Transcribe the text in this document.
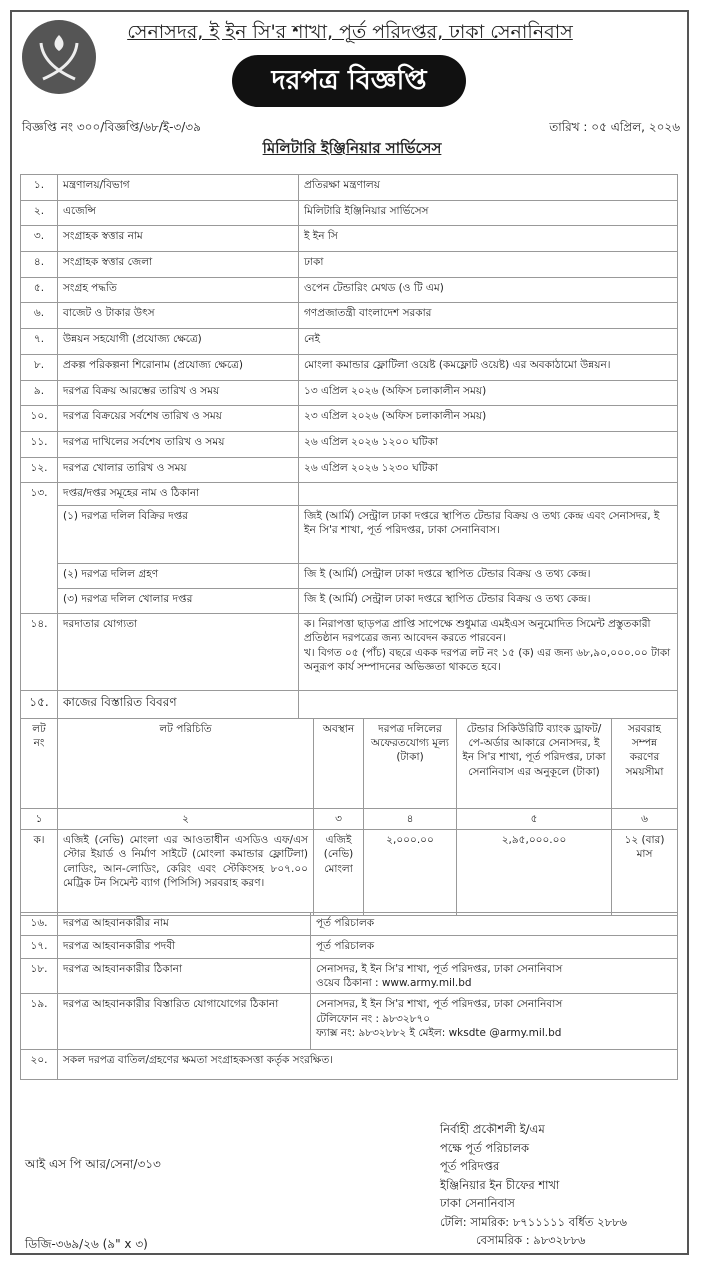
সেনাসদর, ই ইন সি'র শাখা, পূর্ত পরিদপ্তর, ঢাকা সেনানিবাস
দরপত্র বিজ্ঞপ্তি
বিজ্ঞপ্তি নং ৩০০/বিজ্ঞপ্তি/৬৮/ই-৩/৩৯	তারিখ : ০৫ এপ্রিল, ২০২৬
মিলিটারি ইঞ্জিনিয়ার সার্ভিসেস
১.	মন্ত্রণালয়/বিভাগ	প্রতিরক্ষা মন্ত্রণালয়
২.	এজেন্সি	মিলিটারি ইঞ্জিনিয়ার সার্ভিসেস
৩.	সংগ্রাহক স্বত্তার নাম	ই ইন সি
৪.	সংগ্রাহক স্বত্তার জেলা	ঢাকা
৫.	সংগ্রহ পদ্ধতি	ওপেন টেন্ডারিং মেথড (ও টি এম)
৬.	বাজেট ও টাকার উৎস	গণপ্রজাতন্ত্রী বাংলাদেশ সরকার
৭.	উন্নয়ন সহযোগী (প্রযোজ্য ক্ষেত্রে)	নেই
৮.	প্রকল্প পরিকল্পনা শিরোনাম (প্রযোজ্য ক্ষেত্রে)	মোংলা কমান্ডার ফ্লোটিলা ওয়েষ্ট (কমফ্লোট ওয়েষ্ট) এর অবকাঠামো উন্নয়ন।
৯.	দরপত্র বিক্রয় আরম্ভের তারিখ ও সময়	১৩ এপ্রিল ২০২৬ (অফিস চলাকালীন সময়)
১০.	দরপত্র বিক্রয়ের সর্বশেষ তারিখ ও সময়	২৩ এপ্রিল ২০২৬ (অফিস চলাকালীন সময়)
১১.	দরপত্র দাখিলের সর্বশেষ তারিখ ও সময়	২৬ এপ্রিল ২০২৬ ১২০০ ঘটিকা
১২.	দরপত্র খোলার তারিখ ও সময়	২৬ এপ্রিল ২০২৬ ১২৩০ ঘটিকা
১৩.	দপ্তর/দপ্তর সমূহের নাম ও ঠিকানা	
	(১) দরপত্র দলিল বিক্রির দপ্তর	জিই (আর্মি) সেন্ট্রাল ঢাকা দপ্তরে স্থাপিত টেন্ডার বিক্রয় ও তথ্য কেন্দ্র এবং সেনাসদর, ই ইন সি'র শাখা, পূর্ত পরিদপ্তর, ঢাকা সেনানিবাস।
	(২) দরপত্র দলিল গ্রহণ	জি ই (আর্মি) সেন্ট্রাল ঢাকা দপ্তরে স্থাপিত টেন্ডার বিক্রয় ও তথ্য কেন্দ্র।
	(৩) দরপত্র দলিল খোলার দপ্তর	জি ই (আর্মি) সেন্ট্রাল ঢাকা দপ্তরে স্থাপিত টেন্ডার বিক্রয় ও তথ্য কেন্দ্র।
১৪.	দরদাতার যোগ্যতা	ক। নিরাপত্তা ছাড়পত্র প্রাপ্তি সাপেক্ষে শুধুমাত্র এমইএস অনুমোদিত সিমেন্ট প্রস্তুতকারী প্রতিষ্ঠান দরপত্রের জন্য আবেদন করতে পারবেন।
খ। বিগত ০৫ (পাঁচ) বছরে একক দরপত্র লট নং ১৫ (ক) এর জন্য ৬৮,৯০,০০০.০০ টাকা অনুরূপ কার্য সম্পাদনের অভিজ্ঞতা থাকতে হবে।

১৫.	কাজের বিস্তারিত বিবরণ	
লট নং	লট পরিচিতি	অবস্থান	দরপত্র দলিলের অফেরতযোগ্য মূল্য (টাকা)	টেন্ডার সিকিউরিটি ব্যাংক ড্রাফট/পে-অর্ডার আকারে সেনাসদর, ই ইন সি'র শাখা, পূর্ত পরিদপ্তর, ঢাকা সেনানিবাস এর অনুকূলে (টাকা)	সরবরাহ সম্পন্ন করণের সময়সীমা
১	২	৩	৪	৫	৬
ক।	এজিই (নেভি) মোংলা এর আওতাধীন এসডিও এফ/এস স্টোর ইয়ার্ড ও নির্মাণ সাইটে (মোংলা কমান্ডার ফ্লোটিলা) লোডিং, আন-লোডিং, কেরিং এবং স্টেকিংসহ ৮০৭.০০ মেট্রিক টন সিমেন্ট ব্যাগ (পিসিসি) সরবরাহ করণ।	এজিই (নেভি) মোংলা	২,০০০.০০	২,৯৫,০০০.০০	১২ (বার) মাস
১৬.	দরপত্র আহবানকারীর নাম	পূর্ত পরিচালক
১৭.	দরপত্র আহবানকারীর পদবী	পূর্ত পরিচালক
১৮.	দরপত্র আহবানকারীর ঠিকানা	সেনাসদর, ই ইন সি'র শাখা, পূর্ত পরিদপ্তর, ঢাকা সেনানিবাস
ওয়েব ঠিকানা : www.army.mil.bd

১৯.	দরপত্র আহবানকারীর বিস্তারিত যোগাযোগের ঠিকানা	সেনাসদর, ই ইন সি'র শাখা, পূর্ত পরিদপ্তর, ঢাকা সেনানিবাস
টেলিফোন নং : ৯৮৩২৮৭০
ফ্যাক্স নং: ৯৮৩২৮৮২ ই মেইল: wksdte @army.mil.bd

২০.	সকল দরপত্র বাতিল/গ্রহণের ক্ষমতা সংগ্রাহকসত্তা কর্তৃক সংরক্ষিত।	
আই এস পি আর/সেনা/৩১৩
ডিজি-৩৬৯/২৬ (৯" x ৩)
নির্বাহী প্রকৌশলী ই/এম
পক্ষে পূর্ত পরিচালক
পূর্ত পরিদপ্তর
ইঞ্জিনিয়ার ইন চীফের শাখা
ঢাকা সেনানিবাস
টেলি: সামরিক: ৮৭১১১১১ বর্ধিত ২৮৮৬
বেসামরিক : ৯৮৩২৮৮৬
